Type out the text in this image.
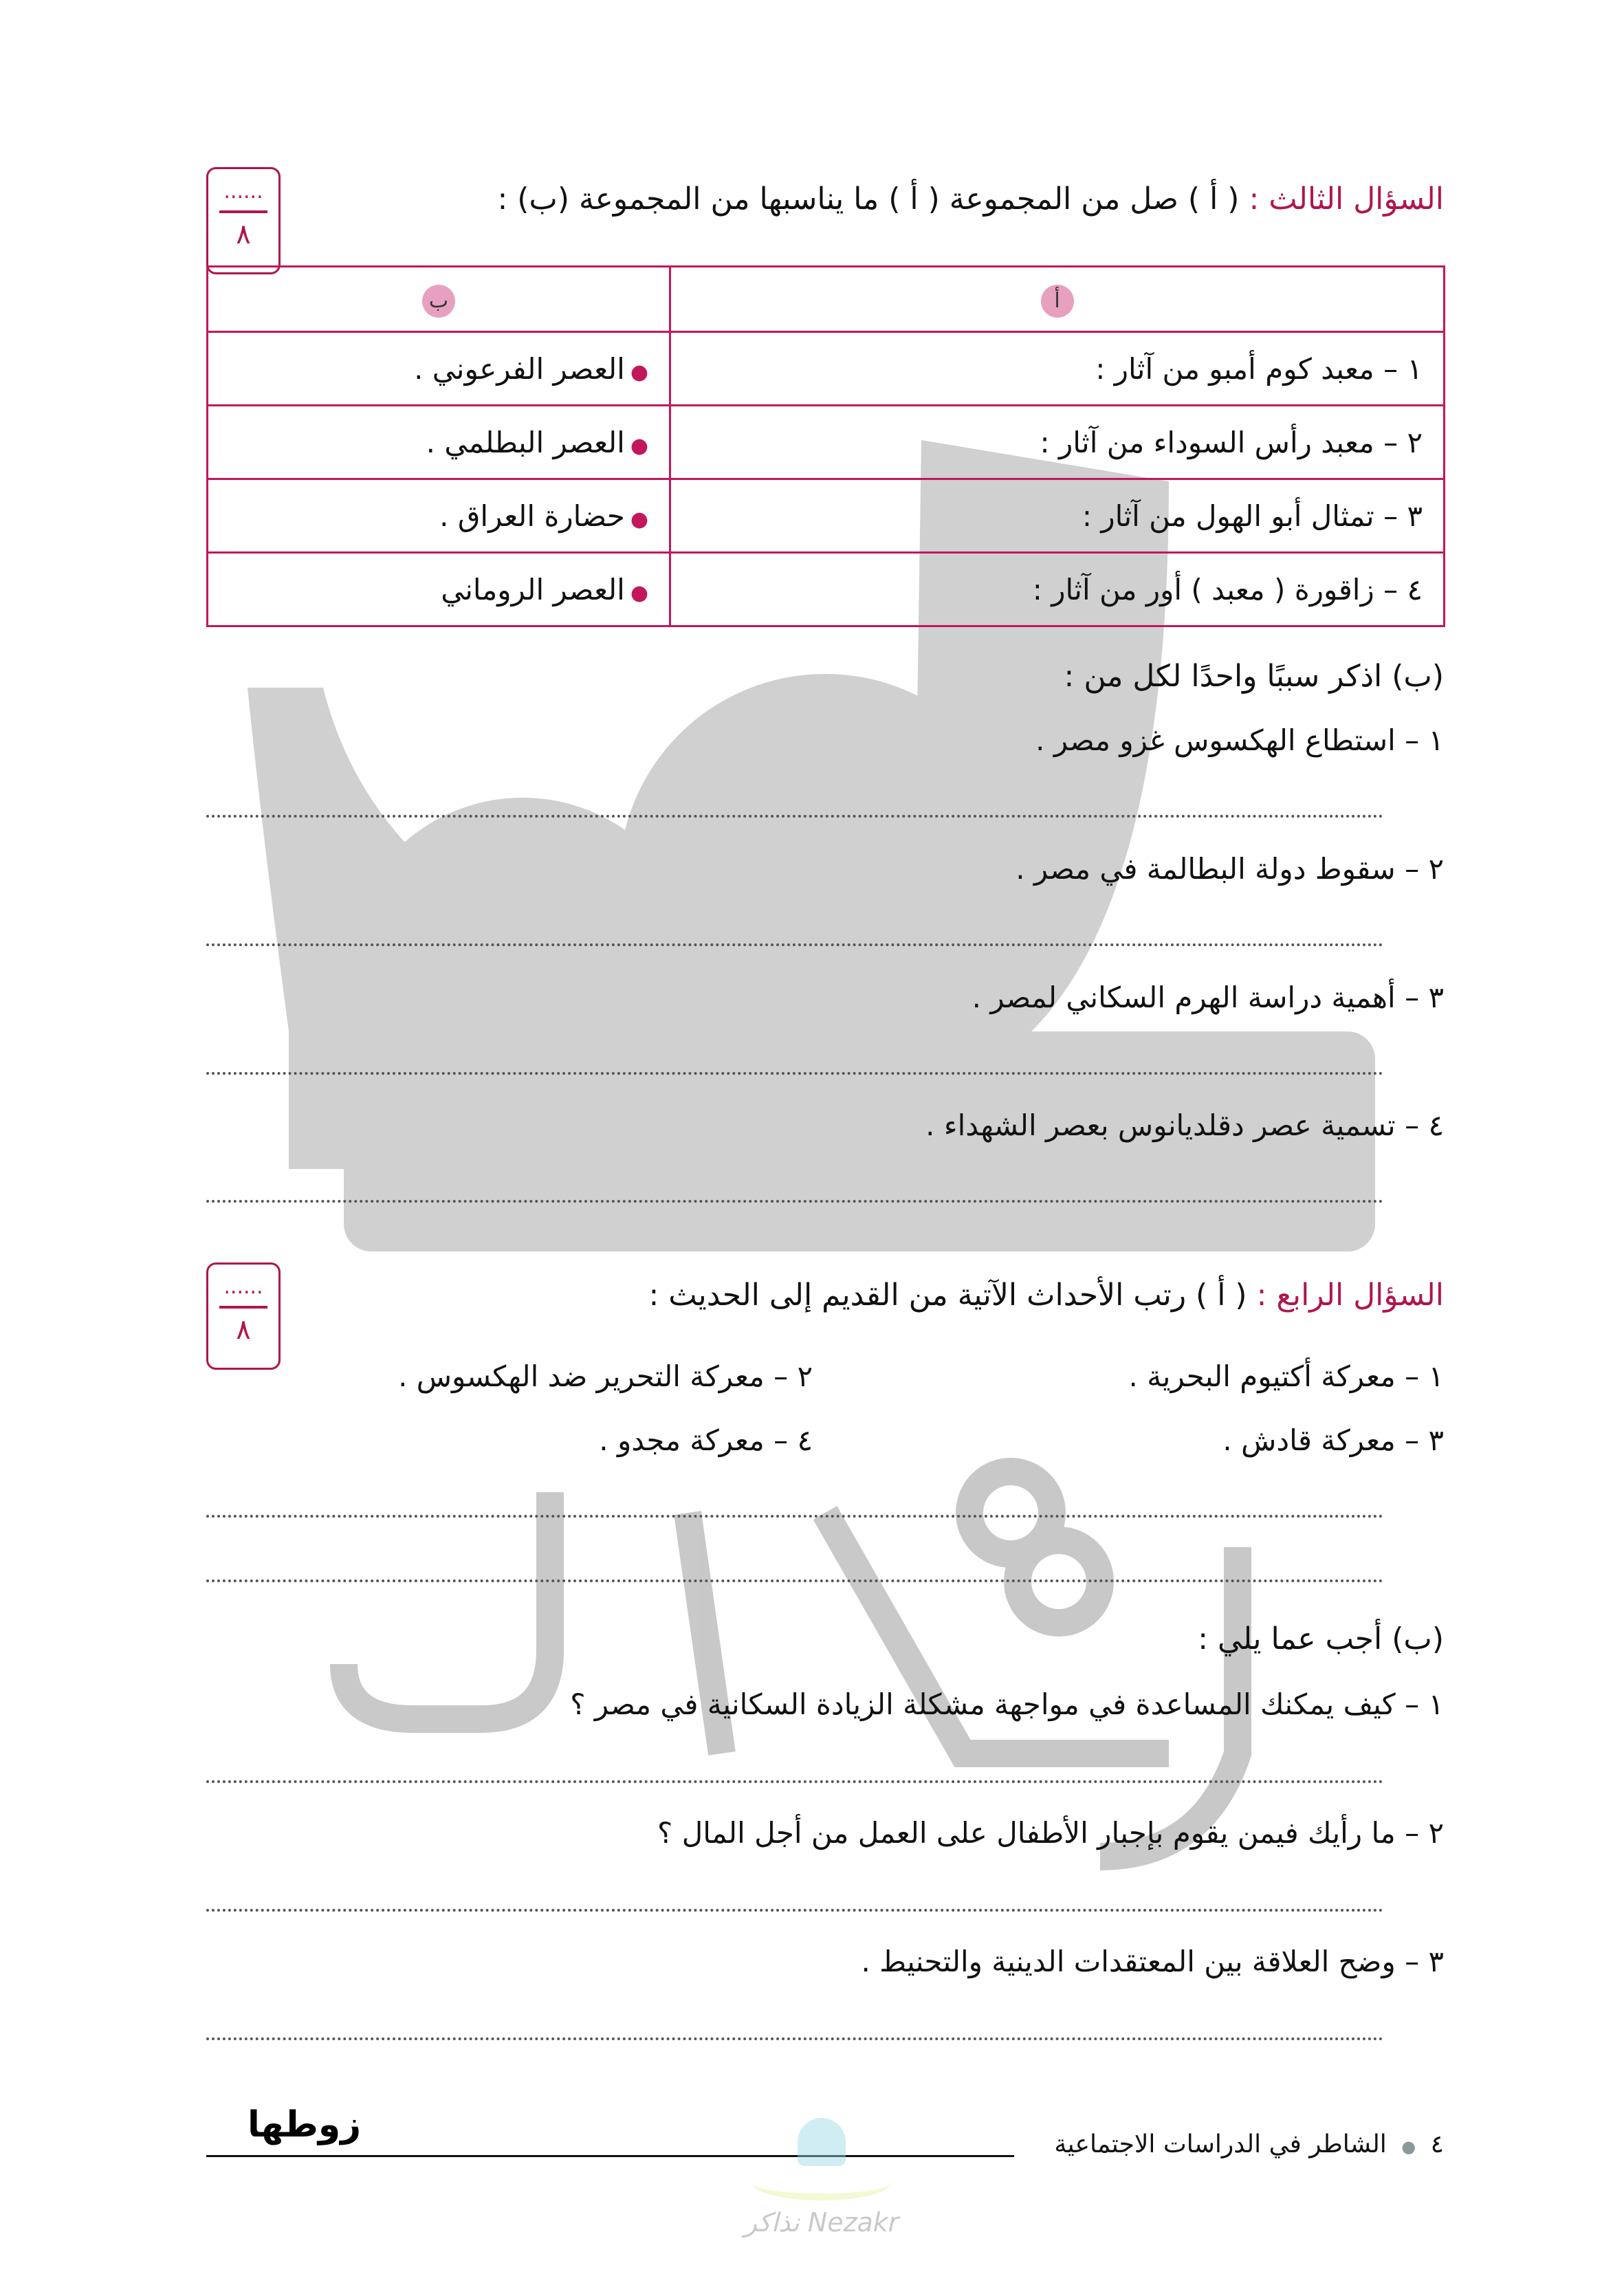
......
٨
السؤال الثالث : ( أ ) صل من المجموعة ( أ ) ما يناسبها من المجموعة (ب) :
ب	أ
●العصر الفرعوني .	١ – معبد كوم أمبو من آثار :
●العصر البطلمي .	٢ – معبد رأس السوداء من آثار :
●حضارة العراق .	٣ – تمثال أبو الهول من آثار :
●العصر الروماني	٤ – زاقورة ( معبد ) أور من آثار :
(ب) اذكر سببًا واحدًا لكل من :
١ – استطاع الهكسوس غزو مصر .
٢ – سقوط دولة البطالمة في مصر .
٣ – أهمية دراسة الهرم السكاني لمصر .
٤ – تسمية عصر دقلديانوس بعصر الشهداء .
......
٨
السؤال الرابع : ( أ ) رتب الأحداث الآتية من القديم إلى الحديث :
١ – معركة أكتيوم البحرية .
٢ – معركة التحرير ضد الهكسوس .
٣ – معركة قادش .
٤ – معركة مجدو .
(ب) أجب عما يلي :
١ – كيف يمكنك المساعدة في مواجهة مشكلة الزيادة السكانية في مصر ؟
٢ – ما رأيك فيمن يقوم بإجبار الأطفال على العمل من أجل المال ؟
٣ – وضح العلاقة بين المعتقدات الدينية والتحنيط .
٤ ● الشاطر في الدراسات الاجتماعية
زوطها
نذاكر Nezakr
